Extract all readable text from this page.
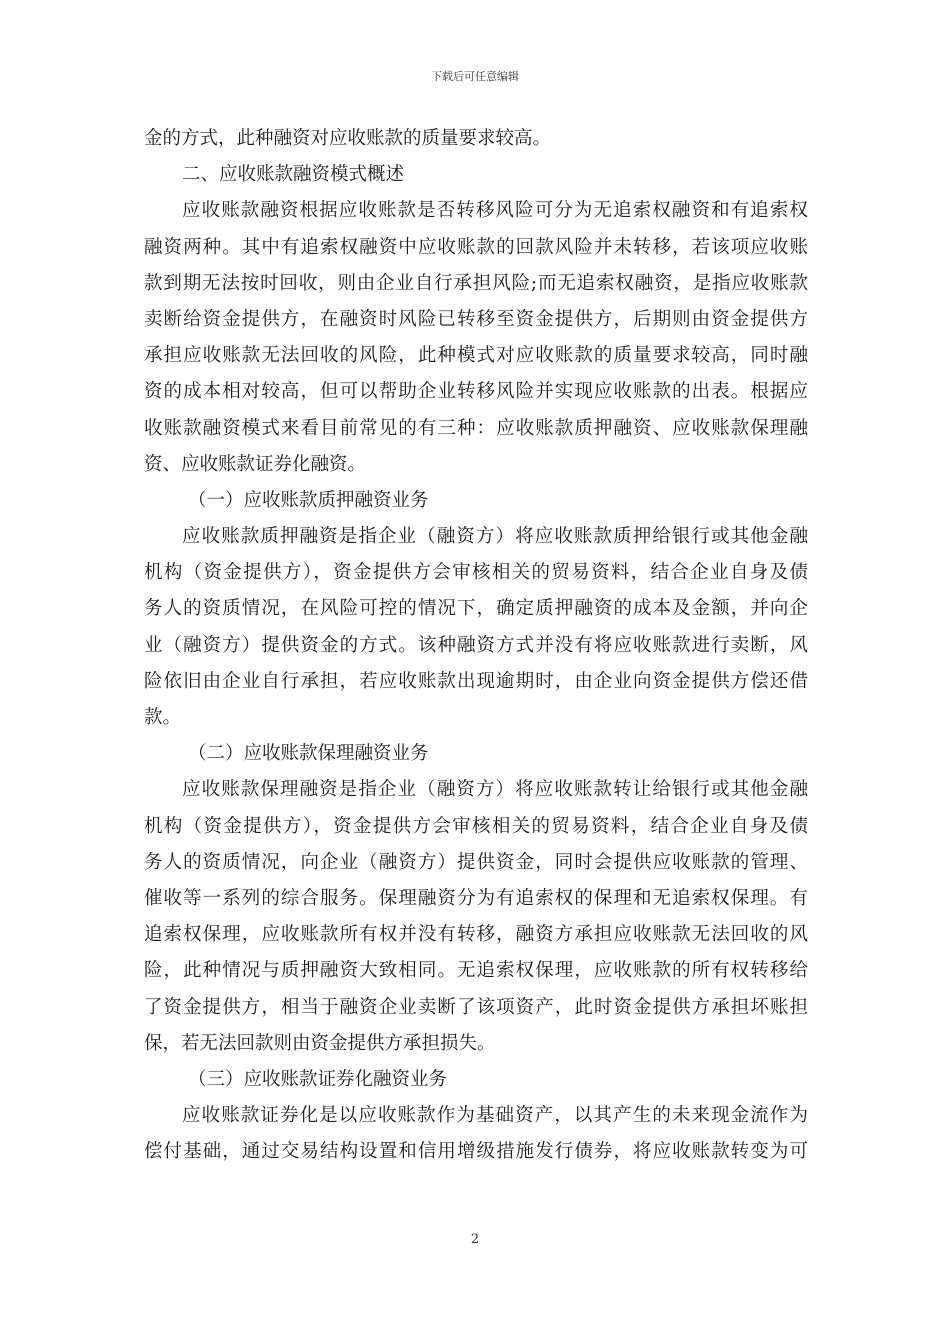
下载后可任意编辑
金的方式，此种融资对应收账款的质量要求较高。
二、应收账款融资模式概述
应收账款融资根据应收账款是否转移风险可分为无追索权融资和有追索权
融资两种。其中有追索权融资中应收账款的回款风险并未转移，若该项应收账
款到期无法按时回收，则由企业自行承担风险;而无追索权融资，是指应收账款
卖断给资金提供方，在融资时风险已转移至资金提供方，后期则由资金提供方
承担应收账款无法回收的风险，此种模式对应收账款的质量要求较高，同时融
资的成本相对较高，但可以帮助企业转移风险并实现应收账款的出表。根据应
收账款融资模式来看目前常见的有三种：应收账款质押融资、应收账款保理融
资、应收账款证券化融资。
（一）应收账款质押融资业务
应收账款质押融资是指企业（融资方）将应收账款质押给银行或其他金融
机构（资金提供方），资金提供方会审核相关的贸易资料，结合企业自身及债
务人的资质情况，在风险可控的情况下，确定质押融资的成本及金额，并向企
业（融资方）提供资金的方式。该种融资方式并没有将应收账款进行卖断，风
险依旧由企业自行承担，若应收账款出现逾期时，由企业向资金提供方偿还借
款。
（二）应收账款保理融资业务
应收账款保理融资是指企业（融资方）将应收账款转让给银行或其他金融
机构（资金提供方），资金提供方会审核相关的贸易资料，结合企业自身及债
务人的资质情况，向企业（融资方）提供资金，同时会提供应收账款的管理、
催收等一系列的综合服务。保理融资分为有追索权的保理和无追索权保理。有
追索权保理，应收账款所有权并没有转移，融资方承担应收账款无法回收的风
险，此种情况与质押融资大致相同。无追索权保理，应收账款的所有权转移给
了资金提供方，相当于融资企业卖断了该项资产，此时资金提供方承担坏账担
保，若无法回款则由资金提供方承担损失。
（三）应收账款证券化融资业务
应收账款证券化是以应收账款作为基础资产，以其产生的未来现金流作为
偿付基础，通过交易结构设置和信用增级措施发行债券，将应收账款转变为可
2
